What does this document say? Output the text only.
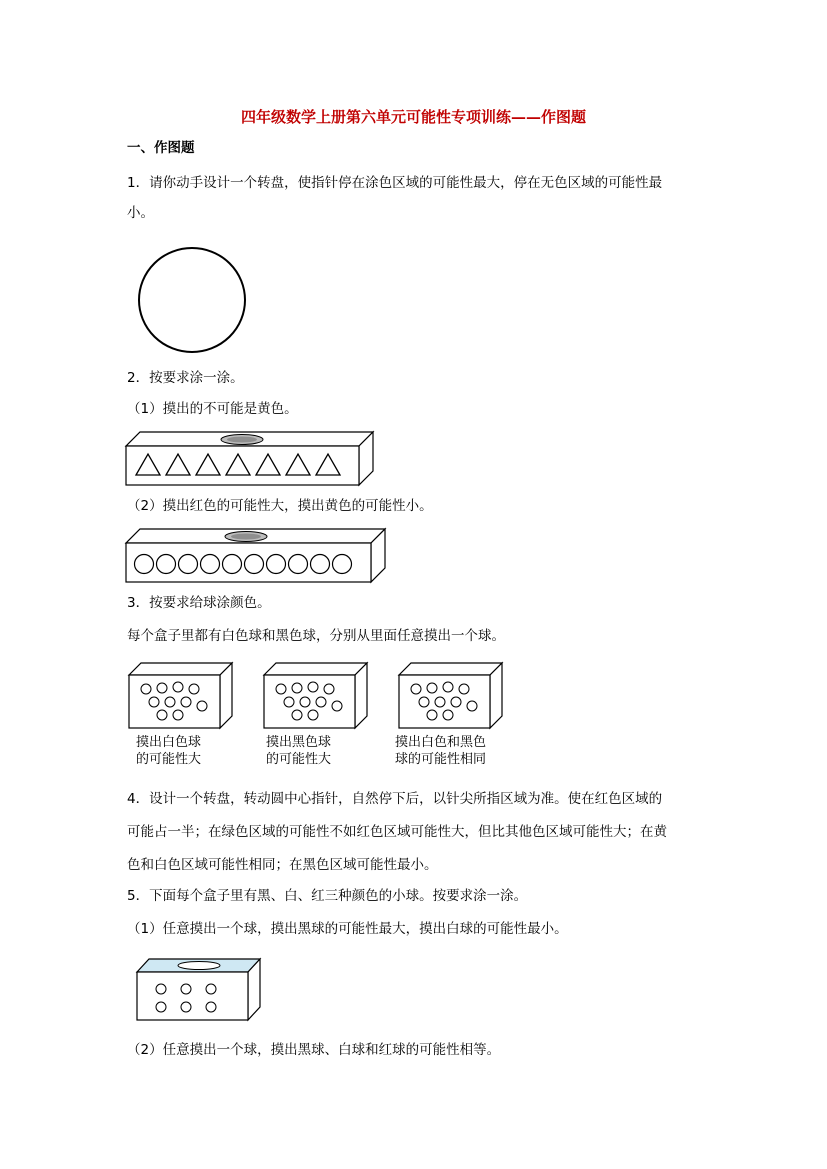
四年级数学上册第六单元可能性专项训练——作图题
一、作图题
1．请你动手设计一个转盘，使指针停在涂色区域的可能性最大，停在无色区域的可能性最
小。
2．按要求涂一涂。
（1）摸出的不可能是黄色。
（2）摸出红色的可能性大，摸出黄色的可能性小。
3．按要求给球涂颜色。
每个盒子里都有白色球和黑色球，分别从里面任意摸出一个球。
摸出白色球
的可能性大
摸出黑色球
的可能性大
摸出白色和黑色
球的可能性相同
4．设计一个转盘，转动圆中心指针，自然停下后，以针尖所指区域为准。使在红色区域的
可能占一半；在绿色区域的可能性不如红色区域可能性大，但比其他色区域可能性大；在黄
色和白色区域可能性相同；在黑色区域可能性最小。
5．下面每个盒子里有黑、白、红三种颜色的小球。按要求涂一涂。
（1）任意摸出一个球，摸出黑球的可能性最大，摸出白球的可能性最小。
（2）任意摸出一个球，摸出黑球、白球和红球的可能性相等。
